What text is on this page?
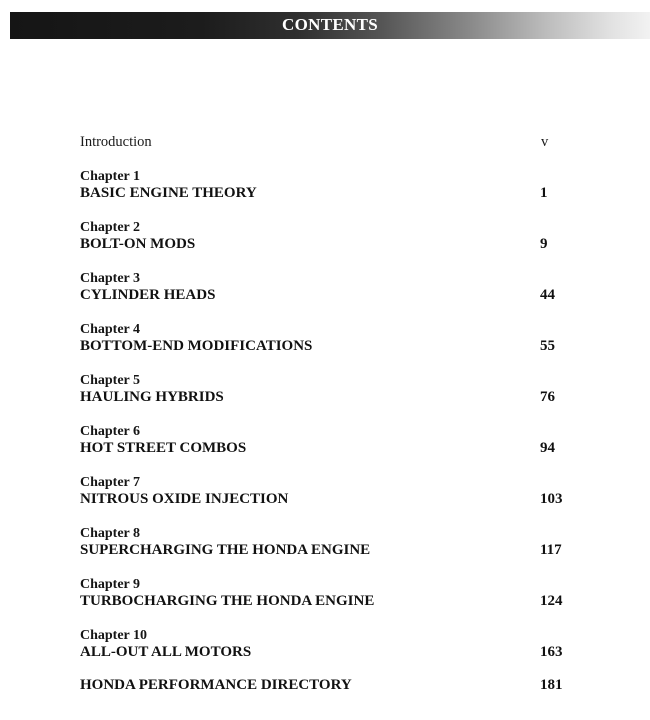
CONTENTS
Introduction	v
Chapter 1
BASIC ENGINE THEORY	1
Chapter 2
BOLT-ON MODS	9
Chapter 3
CYLINDER HEADS	44
Chapter 4
BOTTOM-END MODIFICATIONS	55
Chapter 5
HAULING HYBRIDS	76
Chapter 6
HOT STREET COMBOS	94
Chapter 7
NITROUS OXIDE INJECTION	103
Chapter 8
SUPERCHARGING THE HONDA ENGINE	117
Chapter 9
TURBOCHARGING THE HONDA ENGINE	124
Chapter 10
ALL-OUT ALL MOTORS	163
HONDA PERFORMANCE DIRECTORY	181
